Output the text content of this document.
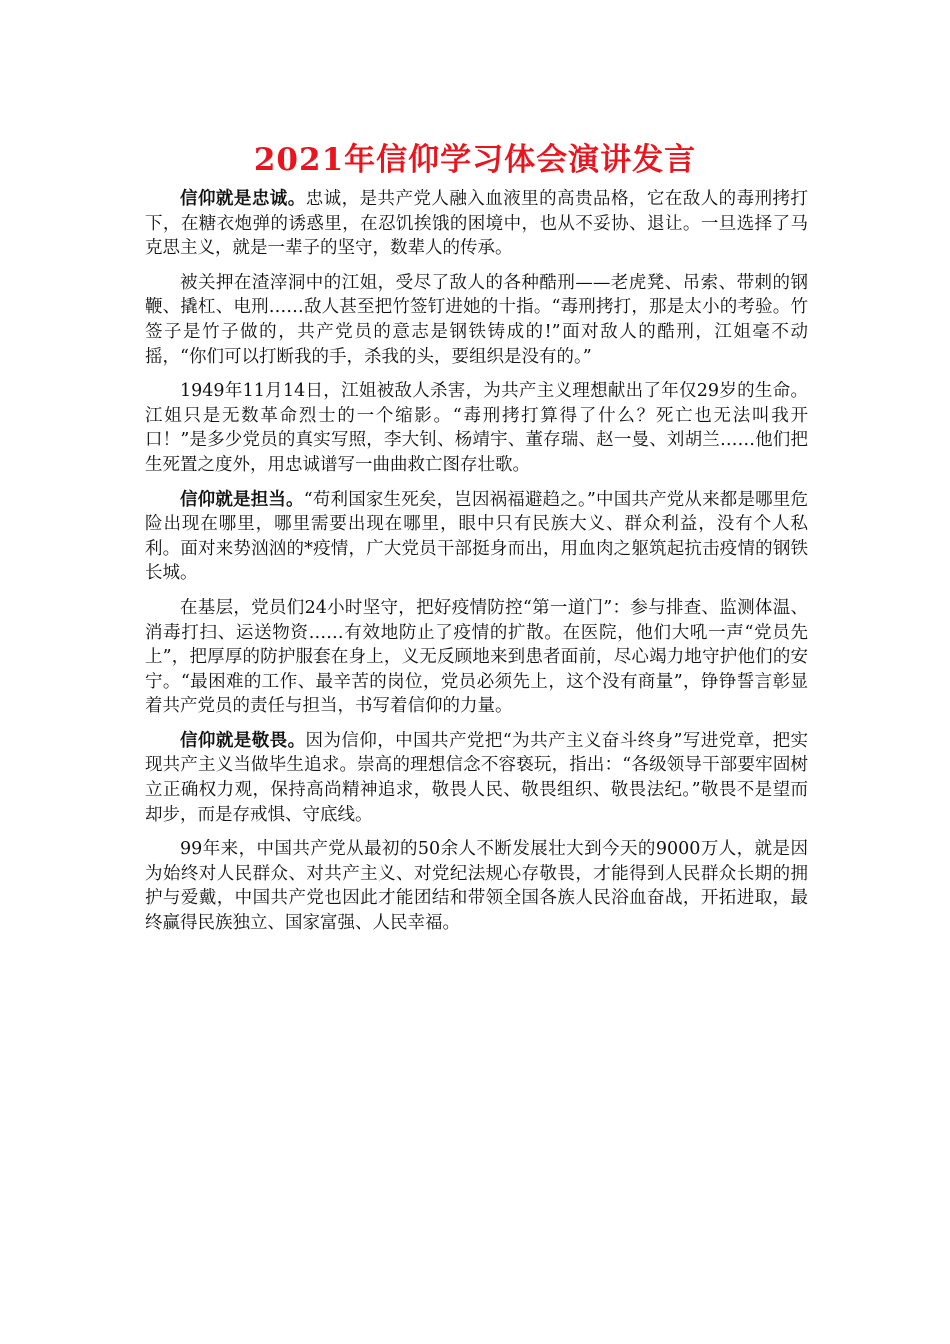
2021年信仰学习体会演讲发言

信仰就是忠诚。忠诚，是共产党人融入血液里的高贵品格，它在敌人的毒刑拷打下，在糖衣炮弹的诱惑里，在忍饥挨饿的困境中，也从不妥协、退让。一旦选择了马克思主义，就是一辈子的坚守，数辈人的传承。

被关押在渣滓洞中的江姐，受尽了敌人的各种酷刑——老虎凳、吊索、带刺的钢鞭、撬杠、电刑……敌人甚至把竹签钉进她的十指。“毒刑拷打，那是太小的考验。竹签子是竹子做的，共产党员的意志是钢铁铸成的!”面对敌人的酷刑，江姐毫不动摇，“你们可以打断我的手，杀我的头，要组织是没有的。”

1949年11月14日，江姐被敌人杀害，为共产主义理想献出了年仅29岁的生命。江姐只是无数革命烈士的一个缩影。“毒刑拷打算得了什么？死亡也无法叫我开口！”是多少党员的真实写照，李大钊、杨靖宇、董存瑞、赵一曼、刘胡兰……他们把生死置之度外，用忠诚谱写一曲曲救亡图存壮歌。

信仰就是担当。“苟利国家生死矣，岂因祸福避趋之。”中国共产党从来都是哪里危险出现在哪里，哪里需要出现在哪里，眼中只有民族大义、群众利益，没有个人私利。面对来势汹汹的*疫情，广大党员干部挺身而出，用血肉之躯筑起抗击疫情的钢铁长城。

在基层，党员们24小时坚守，把好疫情防控“第一道门”：参与排查、监测体温、消毒打扫、运送物资……有效地防止了疫情的扩散。在医院，他们大吼一声“党员先上”，把厚厚的防护服套在身上，义无反顾地来到患者面前，尽心竭力地守护他们的安宁。“最困难的工作、最辛苦的岗位，党员必须先上，这个没有商量”，铮铮誓言彰显着共产党员的责任与担当，书写着信仰的力量。

信仰就是敬畏。因为信仰，中国共产党把“为共产主义奋斗终身”写进党章，把实现共产主义当做毕生追求。崇高的理想信念不容亵玩，指出：“各级领导干部要牢固树立正确权力观，保持高尚精神追求，敬畏人民、敬畏组织、敬畏法纪。”敬畏不是望而却步，而是存戒惧、守底线。

99年来，中国共产党从最初的50余人不断发展壮大到今天的9000万人，就是因为始终对人民群众、对共产主义、对党纪法规心存敬畏，才能得到人民群众长期的拥护与爱戴，中国共产党也因此才能团结和带领全国各族人民浴血奋战，开拓进取，最终赢得民族独立、国家富强、人民幸福。
